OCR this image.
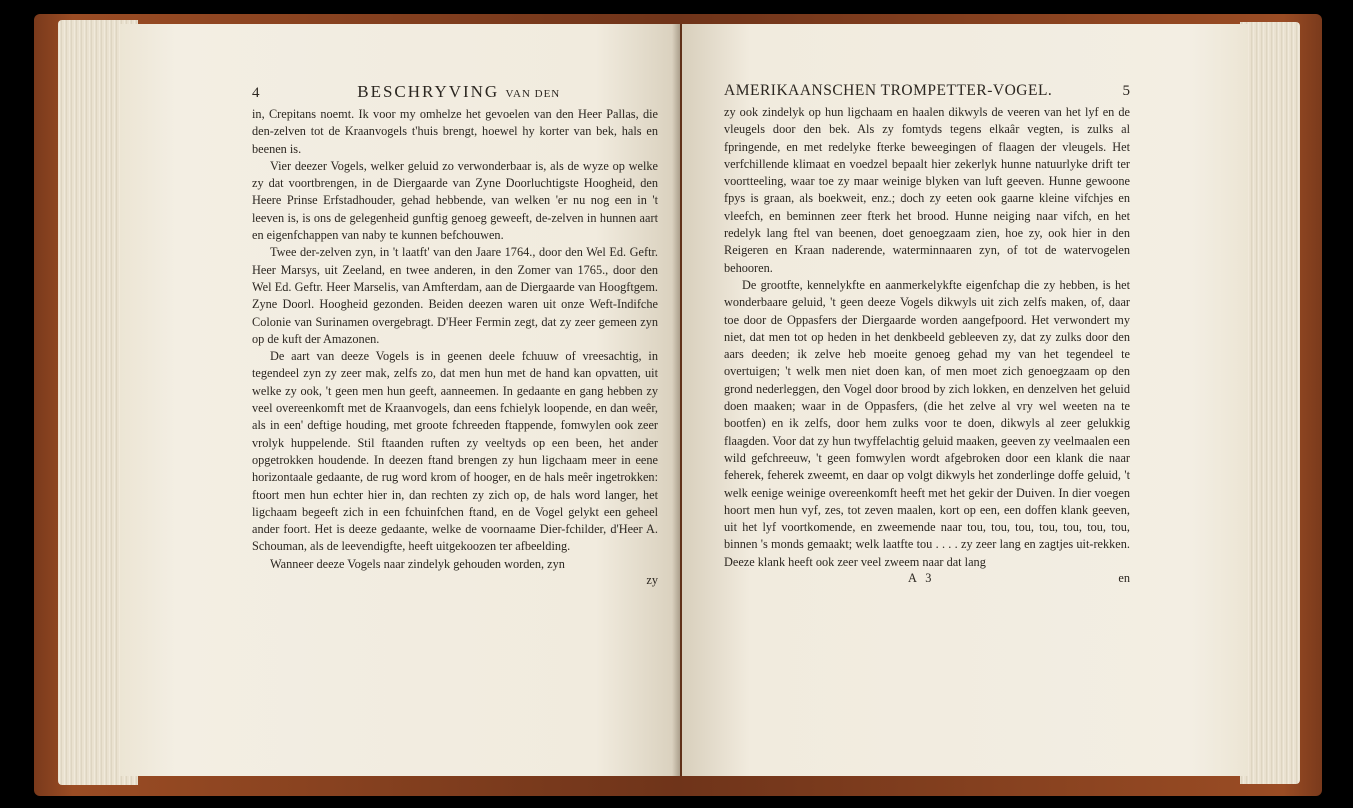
4	BESCHRYVING VAN DEN

in, Crepitans noemt. Ik voor my omhelze het gevoelen van den Heer Pallas, die den-zelven tot de Kraanvogels t'huis brengt, hoewel hy korter van bek, hals en beenen is.

Vier deezer Vogels, welker geluid zo verwonderbaar is, als de wyze op welke zy dat voortbrengen, in de Diergaarde van Zyne Doorluchtigste Hoogheid, den Heere Prinse Erfstadhouder, gehad hebbende, van welken 'er nu nog een in 't leeven is, is ons de gelegenheid gunftig genoeg geweeft, de-zelven in hunnen aart en eigenfchappen van naby te kunnen befchouwen.

Twee der-zelven zyn, in 't laatft' van den Jaare 1764., door den Wel Ed. Geftr. Heer Marsys, uit Zeeland, en twee anderen, in den Zomer van 1765., door den Wel Ed. Geftr. Heer Marselis, van Amfterdam, aan de Diergaarde van Hoogftgem. Zyne Doorl. Hoogheid gezonden. Beiden deezen waren uit onze Weft-Indifche Colonie van Surinamen overgebragt. D'Heer Fermin zegt, dat zy zeer gemeen zyn op de kuft der Amazonen.

De aart van deeze Vogels is in geenen deele fchuuw of vreesachtig, in tegendeel zyn zy zeer mak, zelfs zo, dat men hun met de hand kan opvatten, uit welke zy ook, 't geen men hun geeft, aanneemen. In gedaante en gang hebben zy veel overeenkomft met de Kraanvogels, dan eens fchielyk loopende, en dan weêr, als in een' deftige houding, met groote fchreeden ftappende, fomwylen ook zeer vrolyk huppelende. Stil ftaanden ruften zy veeltyds op een been, het ander opgetrokken houdende. In deezen ftand brengen zy hun ligchaam meer in eene horizontaale gedaante, de rug word krom of hooger, en de hals meêr ingetrokken: ftoort men hun echter hier in, dan rechten zy zich op, de hals word langer, het ligchaam begeeft zich in een fchuinfchen ftand, en de Vogel gelykt een geheel ander foort. Het is deeze gedaante, welke de voornaame Dier-fchilder, d'Heer A. Schouman, als de leevendigfte, heeft uitgekoozen ter afbeelding.

Wanneer deeze Vogels naar zindelyk gehouden worden, zyn

zy
AMERIKAANSCHEN TROMPETTER-VOGEL.	5

zy ook zindelyk op hun ligchaam en haalen dikwyls de veeren van het lyf en de vleugels door den bek. Als zy fomtyds tegens elkaâr vegten, is zulks al fpringende, en met redelyke fterke beweegingen of flaagen der vleugels. Het verfchillende klimaat en voedzel bepaalt hier zekerlyk hunne natuurlyke drift ter voortteeling, waar toe zy maar weinige blyken van luft geeven. Hunne gewoone fpys is graan, als boekweit, enz.; doch zy eeten ook gaarne kleine vifchjes en vleefch, en beminnen zeer fterk het brood. Hunne neiging naar vifch, en het redelyk lang ftel van beenen, doet genoegzaam zien, hoe zy, ook hier in den Reigeren en Kraan naderende, waterminnaaren zyn, of tot de watervogelen behooren.

De grootfte, kennelykfte en aanmerkelykfte eigenfchap die zy hebben, is het wonderbaare geluid, 't geen deeze Vogels dikwyls uit zich zelfs maken, of, daar toe door de Oppasfers der Diergaarde worden aangefpoord. Het verwondert my niet, dat men tot op heden in het denkbeeld gebleeven zy, dat zy zulks door den aars deeden; ik zelve heb moeite genoeg gehad my van het tegendeel te overtuigen; 't welk men niet doen kan, of men moet zich genoegzaam op den grond nederleggen, den Vogel door brood by zich lokken, en denzelven het geluid doen maaken; waar in de Oppasfers, (die het zelve al vry wel weeten na te bootfen) en ik zelfs, door hem zulks voor te doen, dikwyls al zeer gelukkig flaagden. Voor dat zy hun twyffelachtig geluid maaken, geeven zy veelmaalen een wild gefchreeuw, 't geen fomwylen wordt afgebroken door een klank die naar feherek, feherek zweemt, en daar op volgt dikwyls het zonderlinge doffe geluid, 't welk eenige weinige overeenkomft heeft met het gekir der Duiven. In dier voegen hoort men hun vyf, zes, tot zeven maalen, kort op een, een doffen klank geeven, uit het lyf voortkomende, en zweemende naar tou, tou, tou, tou, tou, tou, tou, binnen 's monds gemaakt; welk laatfte tou . . . . zy zeer lang en zagtjes uit-rekken. Deeze klank heeft ook zeer veel zweem naar dat lang

A 3	en
